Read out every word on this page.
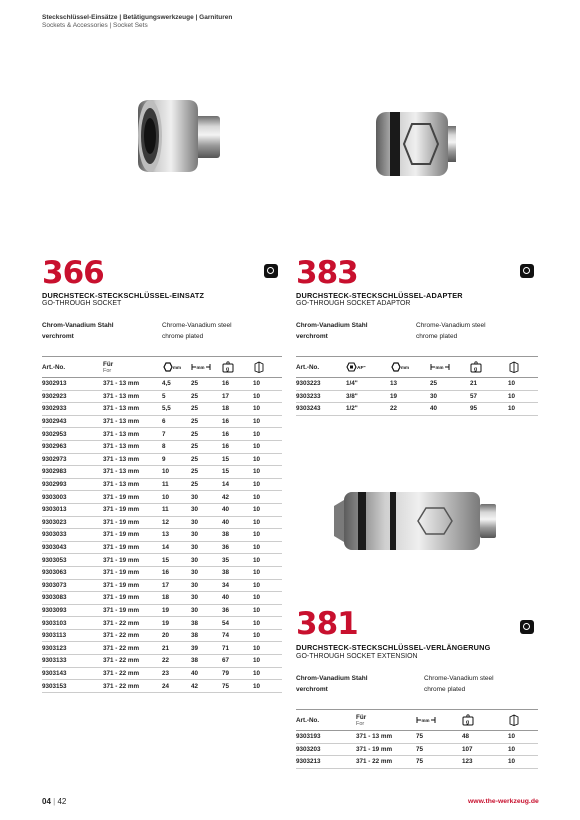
Steckschlüssel-Einsätze | Betätigungswerkzeuge | Garnituren
Sockets & Accessories | Socket Sets
366
DURCHSTECK-STECKSCHLÜSSEL-EINSATZ
GO-THROUGH SOCKET
Chrom-Vanadium Stahl
verchromt
Chrome-Vanadium steel
chrome plated
Art.-No.	Für
For	mm	mm	g

9302913	371 - 13 mm	4,5	25	16	10
9302923	371 - 13 mm	5	25	17	10
9302933	371 - 13 mm	5,5	25	18	10
9302943	371 - 13 mm	6	25	16	10
9302953	371 - 13 mm	7	25	16	10
9302963	371 - 13 mm	8	25	16	10
9302973	371 - 13 mm	9	25	15	10
9302983	371 - 13 mm	10	25	15	10
9302993	371 - 13 mm	11	25	14	10
9303003	371 - 19 mm	10	30	42	10
9303013	371 - 19 mm	11	30	40	10
9303023	371 - 19 mm	12	30	40	10
9303033	371 - 19 mm	13	30	38	10
9303043	371 - 19 mm	14	30	36	10
9303053	371 - 19 mm	15	30	35	10
9303063	371 - 19 mm	16	30	38	10
9303073	371 - 19 mm	17	30	34	10
9303083	371 - 19 mm	18	30	40	10
9303093	371 - 19 mm	19	30	36	10
9303103	371 - 22 mm	19	38	54	10
9303113	371 - 22 mm	20	38	74	10
9303123	371 - 22 mm	21	39	71	10
9303133	371 - 22 mm	22	38	67	10
9303143	371 - 22 mm	23	40	79	10
9303153	371 - 22 mm	24	42	75	10
383
DURCHSTECK-STECKSCHLÜSSEL-ADAPTER
GO-THROUGH SOCKET ADAPTOR
Chrom-Vanadium Stahl
verchromt
Chrome-Vanadium steel
chrome plated
Art.-No.	AF"	mm	mm	g

9303223	1/4"	13	25	21	10
9303233	3/8"	19	30	57	10
9303243	1/2"	22	40	95	10
381
DURCHSTECK-STECKSCHLÜSSEL-VERLÄNGERUNG
GO-THROUGH SOCKET EXTENSION
Chrom-Vanadium Stahl
verchromt
Chrome-Vanadium steel
chrome plated
Art.-No.	Für
For	mm	g

9303193	371 - 13 mm	75	48	10
9303203	371 - 19 mm	75	107	10
9303213	371 - 22 mm	75	123	10
04 | 42	www.the-werkzeug.de
